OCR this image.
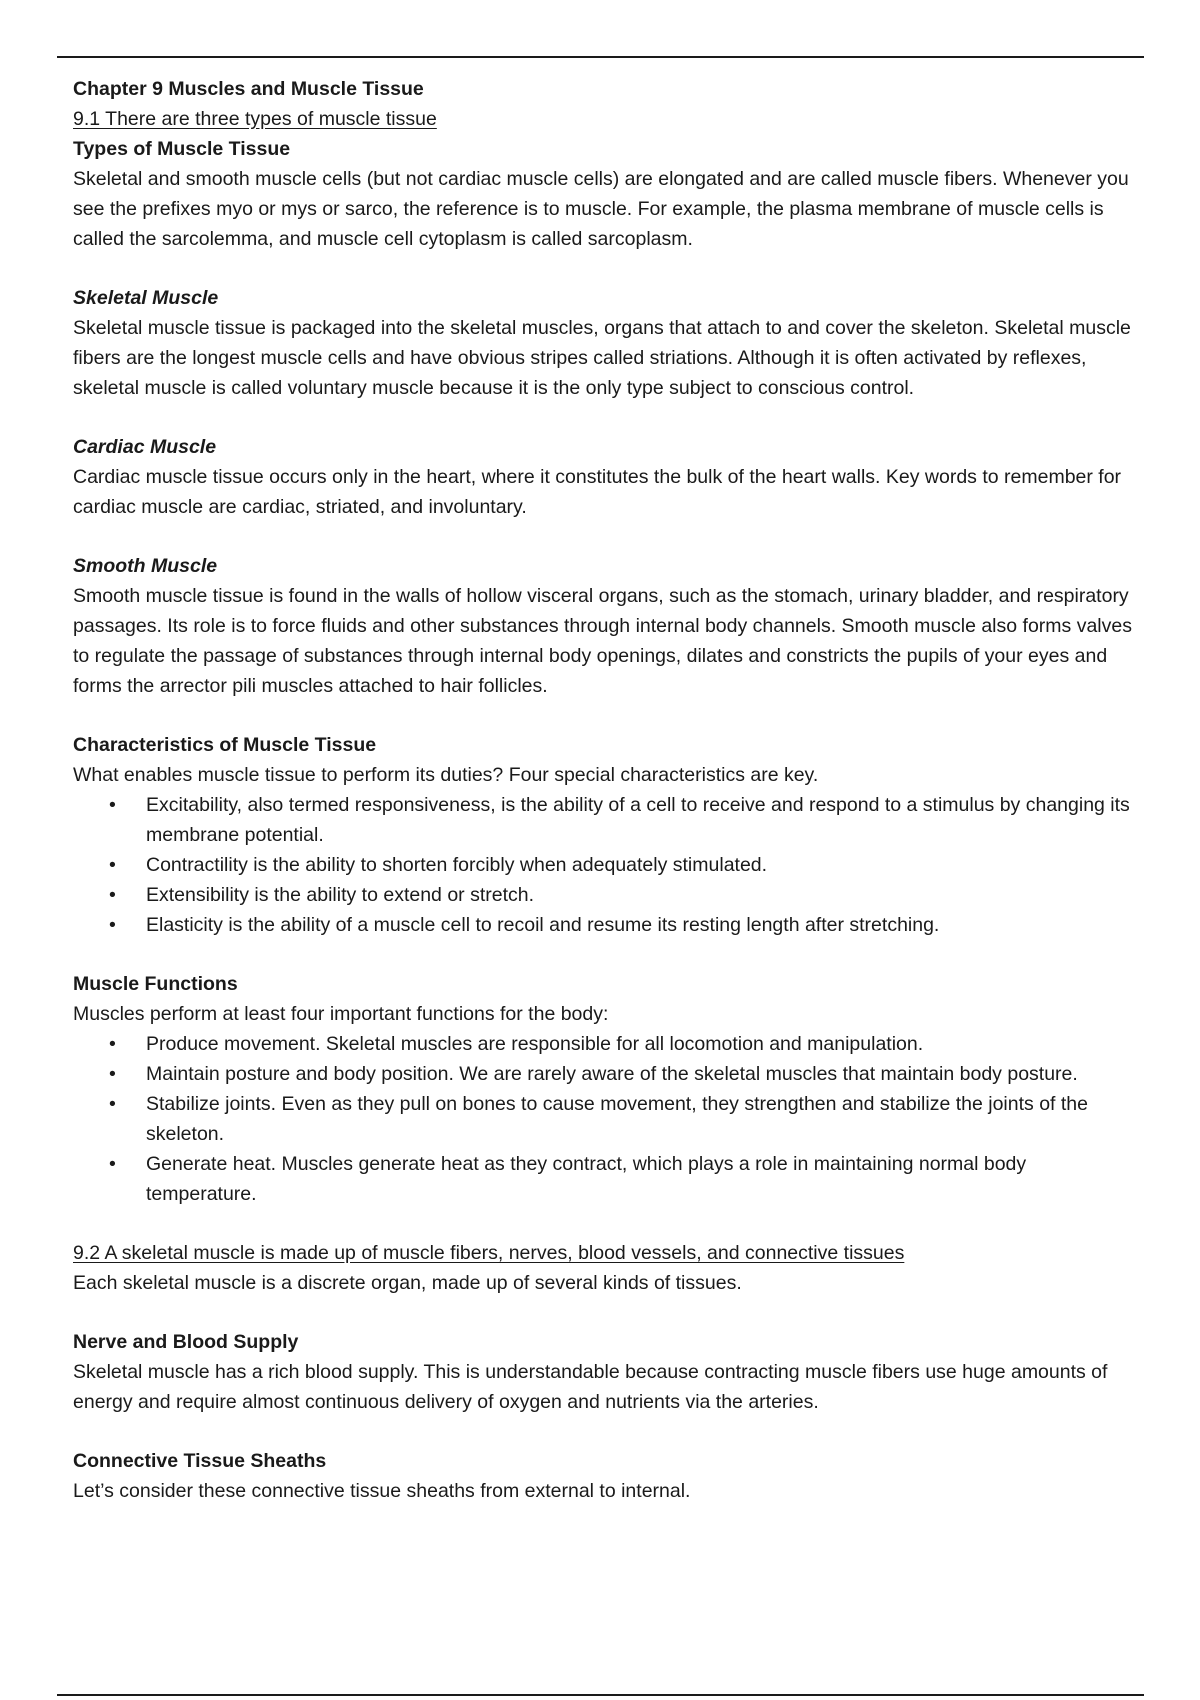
Chapter 9 Muscles and Muscle Tissue

9.1 There are three types of muscle tissue

Types of Muscle Tissue

Skeletal and smooth muscle cells (but not cardiac muscle cells) are elongated and are called muscle fibers. Whenever you see the prefixes myo or mys or sarco, the reference is to muscle. For example, the plasma membrane of muscle cells is called the sarcolemma, and muscle cell cytoplasm is called sarcoplasm.

Skeletal Muscle

Skeletal muscle tissue is packaged into the skeletal muscles, organs that attach to and cover the skeleton. Skeletal muscle fibers are the longest muscle cells and have obvious stripes called striations. Although it is often activated by reflexes, skeletal muscle is called voluntary muscle because it is the only type subject to conscious control.

Cardiac Muscle

Cardiac muscle tissue occurs only in the heart, where it constitutes the bulk of the heart walls. Key words to remember for cardiac muscle are cardiac, striated, and involuntary.

Smooth Muscle

Smooth muscle tissue is found in the walls of hollow visceral organs, such as the stomach, urinary bladder, and respiratory passages. Its role is to force fluids and other substances through internal body channels. Smooth muscle also forms valves to regulate the passage of substances through internal body openings, dilates and constricts the pupils of your eyes and forms the arrector pili muscles attached to hair follicles.

Characteristics of Muscle Tissue

What enables muscle tissue to perform its duties? Four special characteristics are key.

• Excitability, also termed responsiveness, is the ability of a cell to receive and respond to a stimulus by changing its membrane potential.
• Contractility is the ability to shorten forcibly when adequately stimulated.
• Extensibility is the ability to extend or stretch.
• Elasticity is the ability of a muscle cell to recoil and resume its resting length after stretching.

Muscle Functions

Muscles perform at least four important functions for the body:

• Produce movement. Skeletal muscles are responsible for all locomotion and manipulation.
• Maintain posture and body position. We are rarely aware of the skeletal muscles that maintain body posture.
• Stabilize joints. Even as they pull on bones to cause movement, they strengthen and stabilize the joints of the skeleton.
• Generate heat. Muscles generate heat as they contract, which plays a role in maintaining normal body temperature.

9.2 A skeletal muscle is made up of muscle fibers, nerves, blood vessels, and connective tissues

Each skeletal muscle is a discrete organ, made up of several kinds of tissues.

Nerve and Blood Supply

Skeletal muscle has a rich blood supply. This is understandable because contracting muscle fibers use huge amounts of energy and require almost continuous delivery of oxygen and nutrients via the arteries.

Connective Tissue Sheaths

Let’s consider these connective tissue sheaths from external to internal.
